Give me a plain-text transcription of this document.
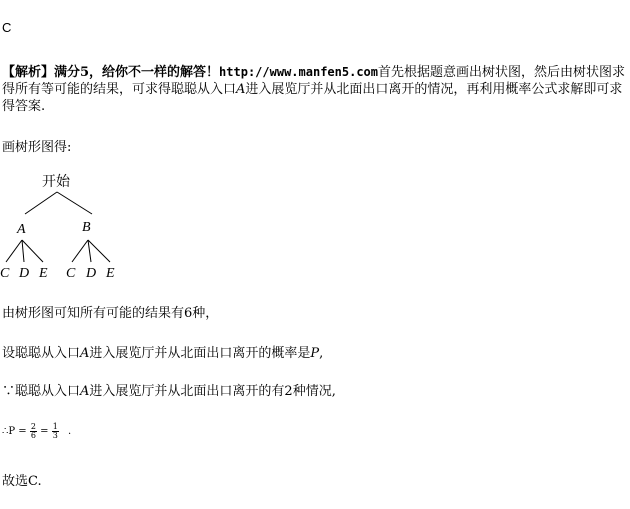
C
【解析】满分5，给你不一样的解答！http://www.manfen5.com首先根据题意画出树状图，然后由树状图求得所有等可能的结果，可求得聪聪从入口A进入展览厅并从北面出口离开的情况，再利用概率公式求解即可求得答案.
画树形图得:
开始
A	B
C D E C D E
由树形图可知所有可能的结果有6种，
设聪聪从入口A进入展览厅并从北面出口离开的概率是P,
∵聪聪从入口A进入展览厅并从北面出口离开的有2种情况,
∴P = $\frac{2}{6} = \frac{1}{3}$ .
故选C.
